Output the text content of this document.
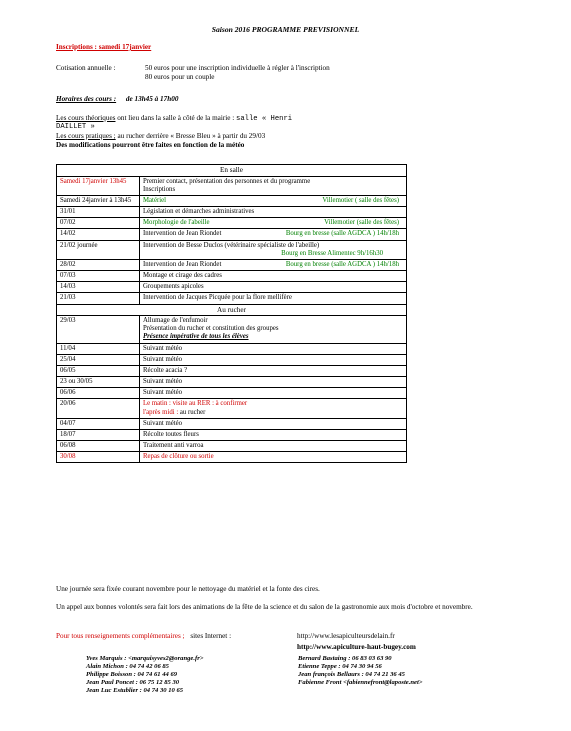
Saison 2016 PROGRAMME PREVISIONNEL
Inscriptions : samedi 17janvier
Cotisation annuelle :	50 euros pour une inscription individuelle à régler à l'inscription
80 euros pour un couple
Horaires des cours : de 13h45 à 17h00
Les cours théoriques ont lieu dans la salle à côté de la mairie : salle « Henri
DAILLET »
Les cours pratiques ; au rucher derrière « Bresse Bleu » à partir du 29/03
Des modifications pourront être faites en fonction de la météo
En salle	
Samedi 17janvier 13h45	Premier contact, présentation des personnes et du programme
Inscriptions

Samedi 24janvier à 13h45	Matériel Villemotier ( salle des fêtes)

31/01	Législation et démarches administratives

07/02	Morphologie de l'abeille Villemotier (salle des fêtes)

14/02	Intervention de Jean Riondet Bourg en bresse (salle AGDCA ) 14h/18h

21/02 journée	Intervention de Besse Duclos (vétérinaire spécialiste de l'abeille)
Bourg en Bresse Alimentec 9h/16h30

28/02	Intervention de Jean Riondet Bourg en bresse (salle AGDCA ) 14h/18h

07/03	Montage et cirage des cadres

14/03	Groupements apicoles

21/03	Intervention de Jacques Picquée pour la flore mellifère

Au rucher	
29/03	Allumage de l'enfumoir
Présentation du rucher et constitution des groupes
Présence impérative de tous les élèves

11/04	Suivant météo

25/04	Suivant météo

06/05	Récolte acacia ?

23 ou 30/05	Suivant météo

06/06	Suivant météo

20/06	Le matin : visite au RER : à confirmer
l'après midi : au rucher

04/07	Suivant météo

18/07	Récolte toutes fleurs

06/08	Traitement anti varroa

30/08	Repas de clôture ou sortie
Une journée sera fixée courant novembre pour le nettoyage du matériel et la fonte des cires.
Un appel aux bonnes volontés sera fait lors des animations de la fête de la science et du salon de la gastronomie aux mois d'octobre et novembre.
Pour tous renseignements complémentaires ; sites Internet :	http://www.lesapiculteursdelain.fr
http://www.apiculture-haut-bugey.com
Yves Marquis : <marquisyves2@orange.fr>
Alain Michon : 04 74 42 06 85
Philippe Boisson : 04 74 61 44 69
Jean Paul Poncet : 06 75 12 85 30
Jean Luc Estublier : 04 74 30 10 65
Bernard Bastaing : 06 83 03 63 90
Etienne Teppe : 04 74 30 94 56
Jean françois Bellaurs : 04 74 21 36 45
Fabienne Front <fabiennefront@laposte.net>
